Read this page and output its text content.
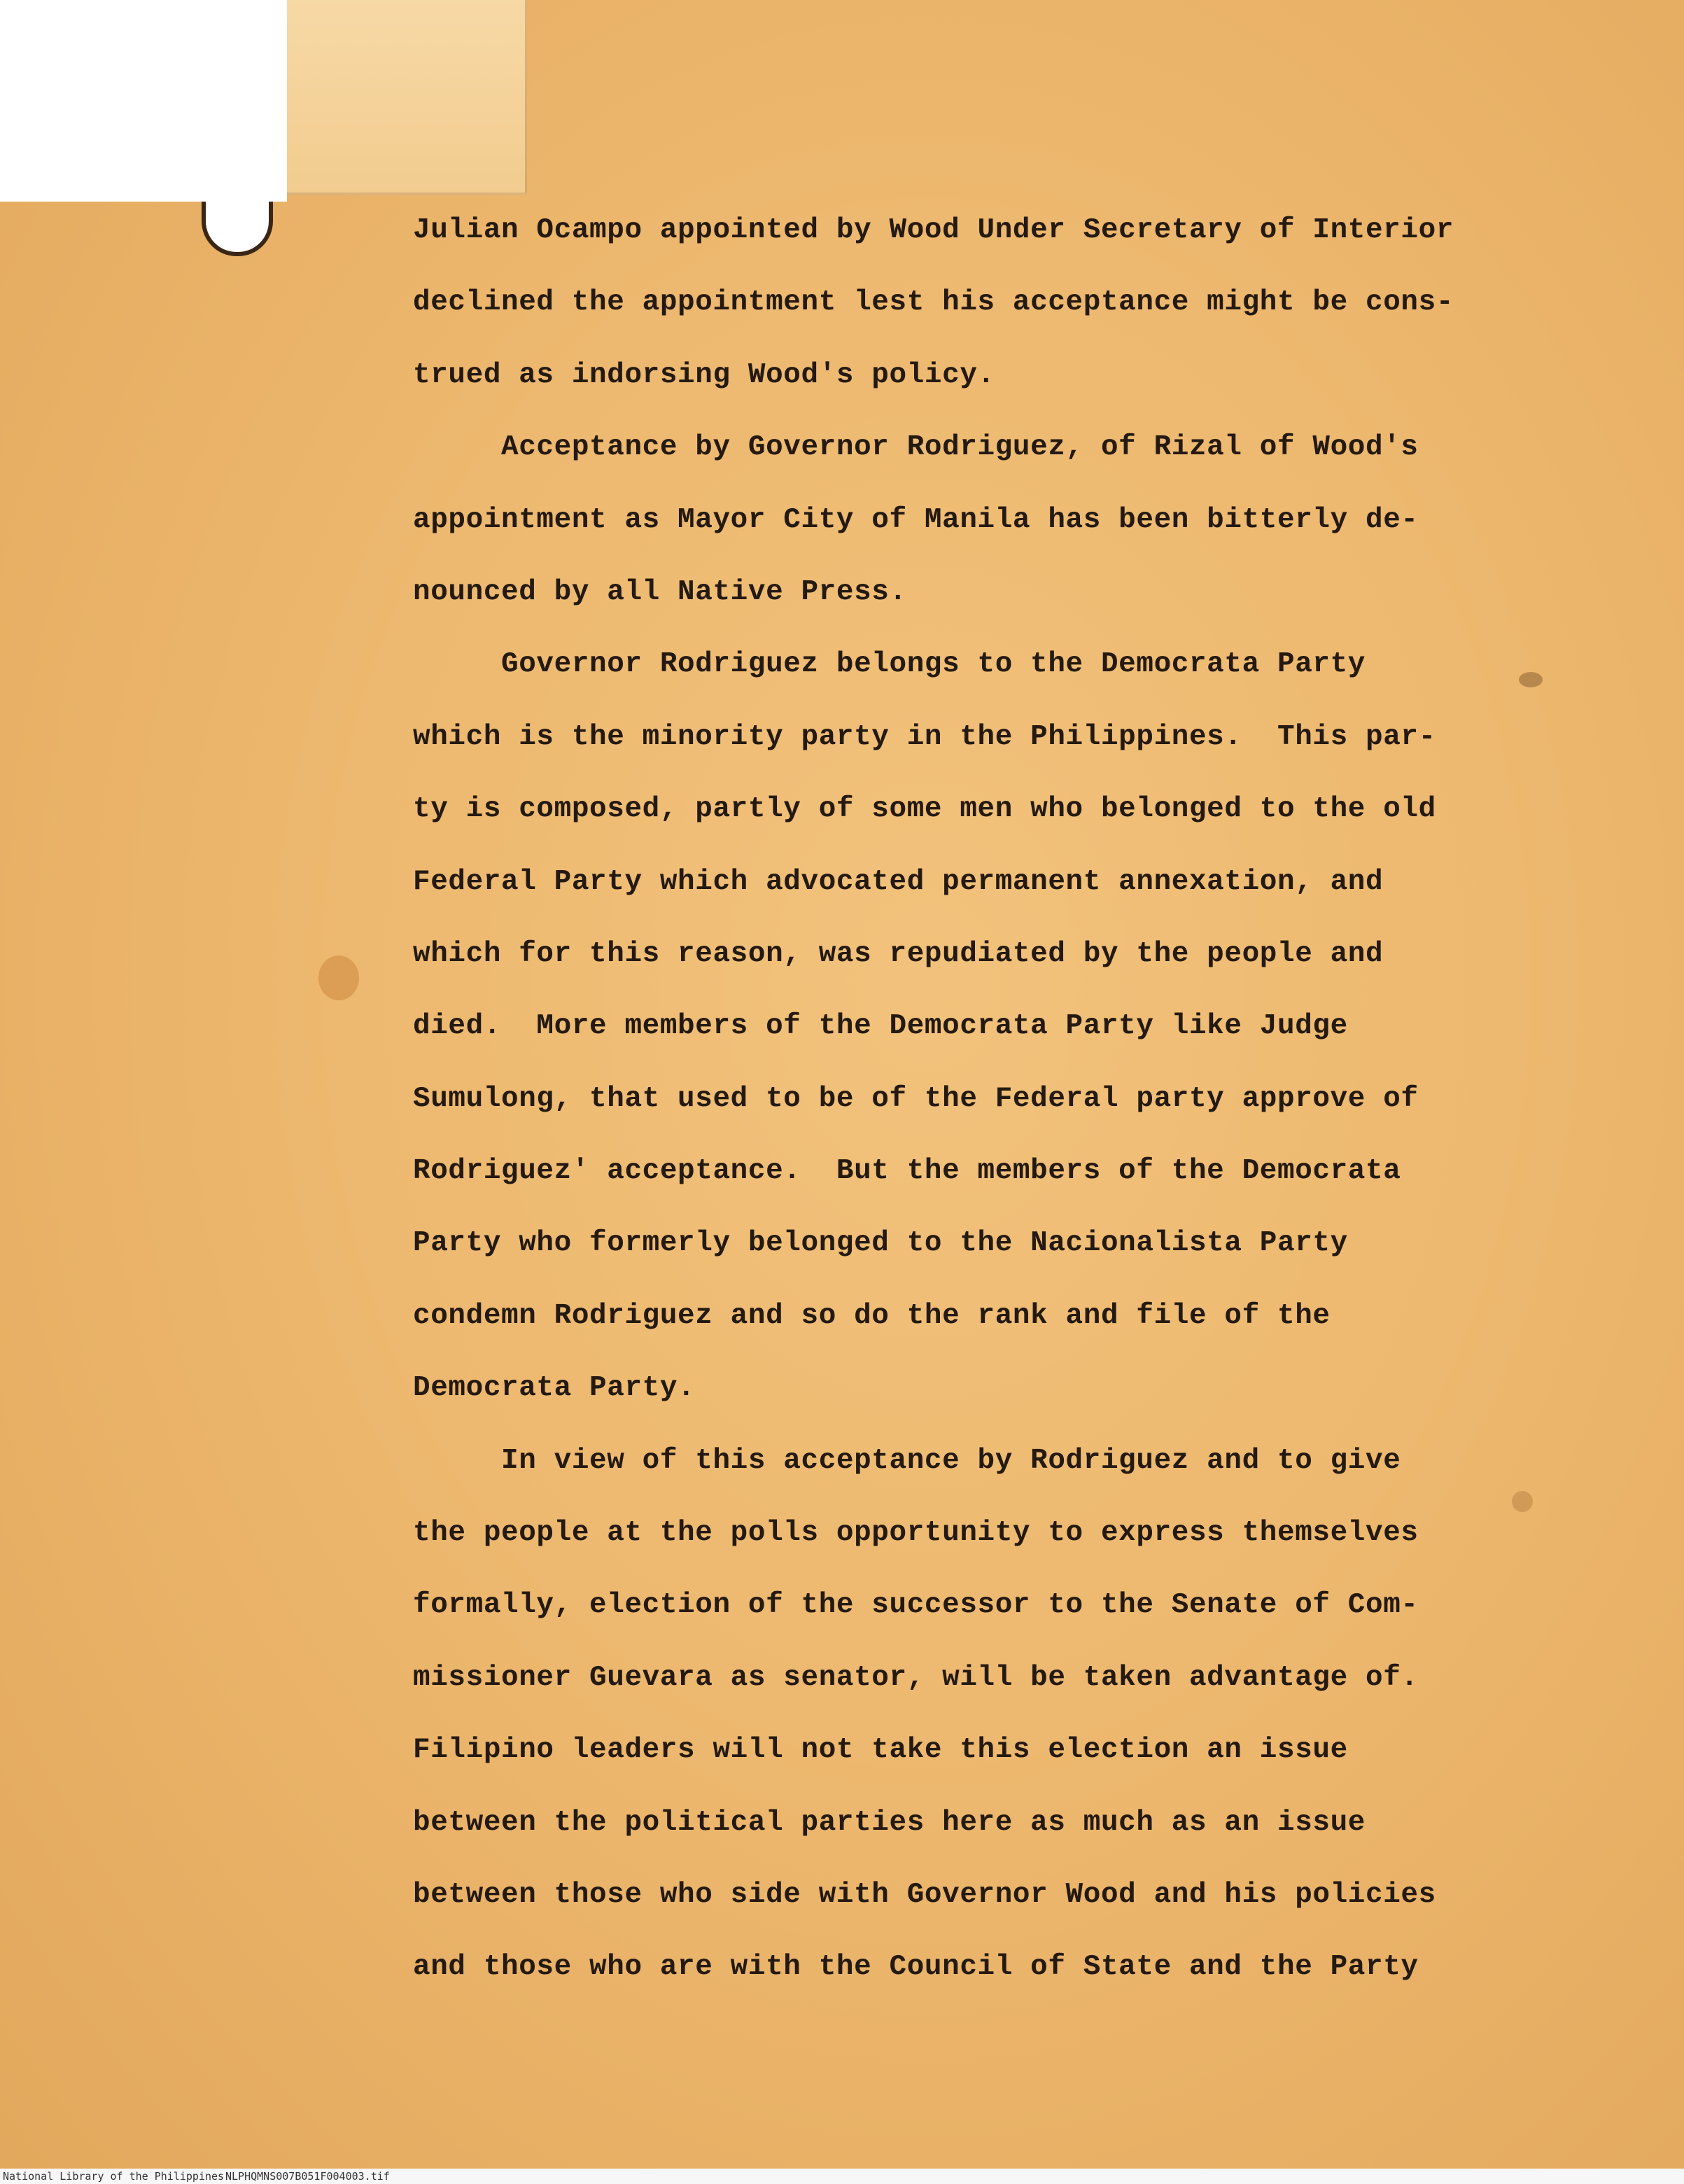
Julian Ocampo appointed by Wood Under Secretary of Interior
declined the appointment lest his acceptance might be cons-
trued as indorsing Wood's policy.
Acceptance by Governor Rodriguez, of Rizal of Wood's
appointment as Mayor City of Manila has been bitterly de-
nounced by all Native Press.
Governor Rodriguez belongs to the Democrata Party
which is the minority party in the Philippines.  This par-
ty is composed, partly of some men who belonged to the old
Federal Party which advocated permanent annexation, and
which for this reason, was repudiated by the people and
died.  More members of the Democrata Party like Judge
Sumulong, that used to be of the Federal party approve of
Rodriguez' acceptance.  But the members of the Democrata
Party who formerly belonged to the Nacionalista Party
condemn Rodriguez and so do the rank and file of the
Democrata Party.
In view of this acceptance by Rodriguez and to give
the people at the polls opportunity to express themselves
formally, election of the successor to the Senate of Com-
missioner Guevara as senator, will be taken advantage of.
Filipino leaders will not take this election an issue
between the political parties here as much as an issue
between those who side with Governor Wood and his policies
and those who are with the Council of State and the Party
National Library of the Philippines NLPHQMNS007B051F004003.tif
